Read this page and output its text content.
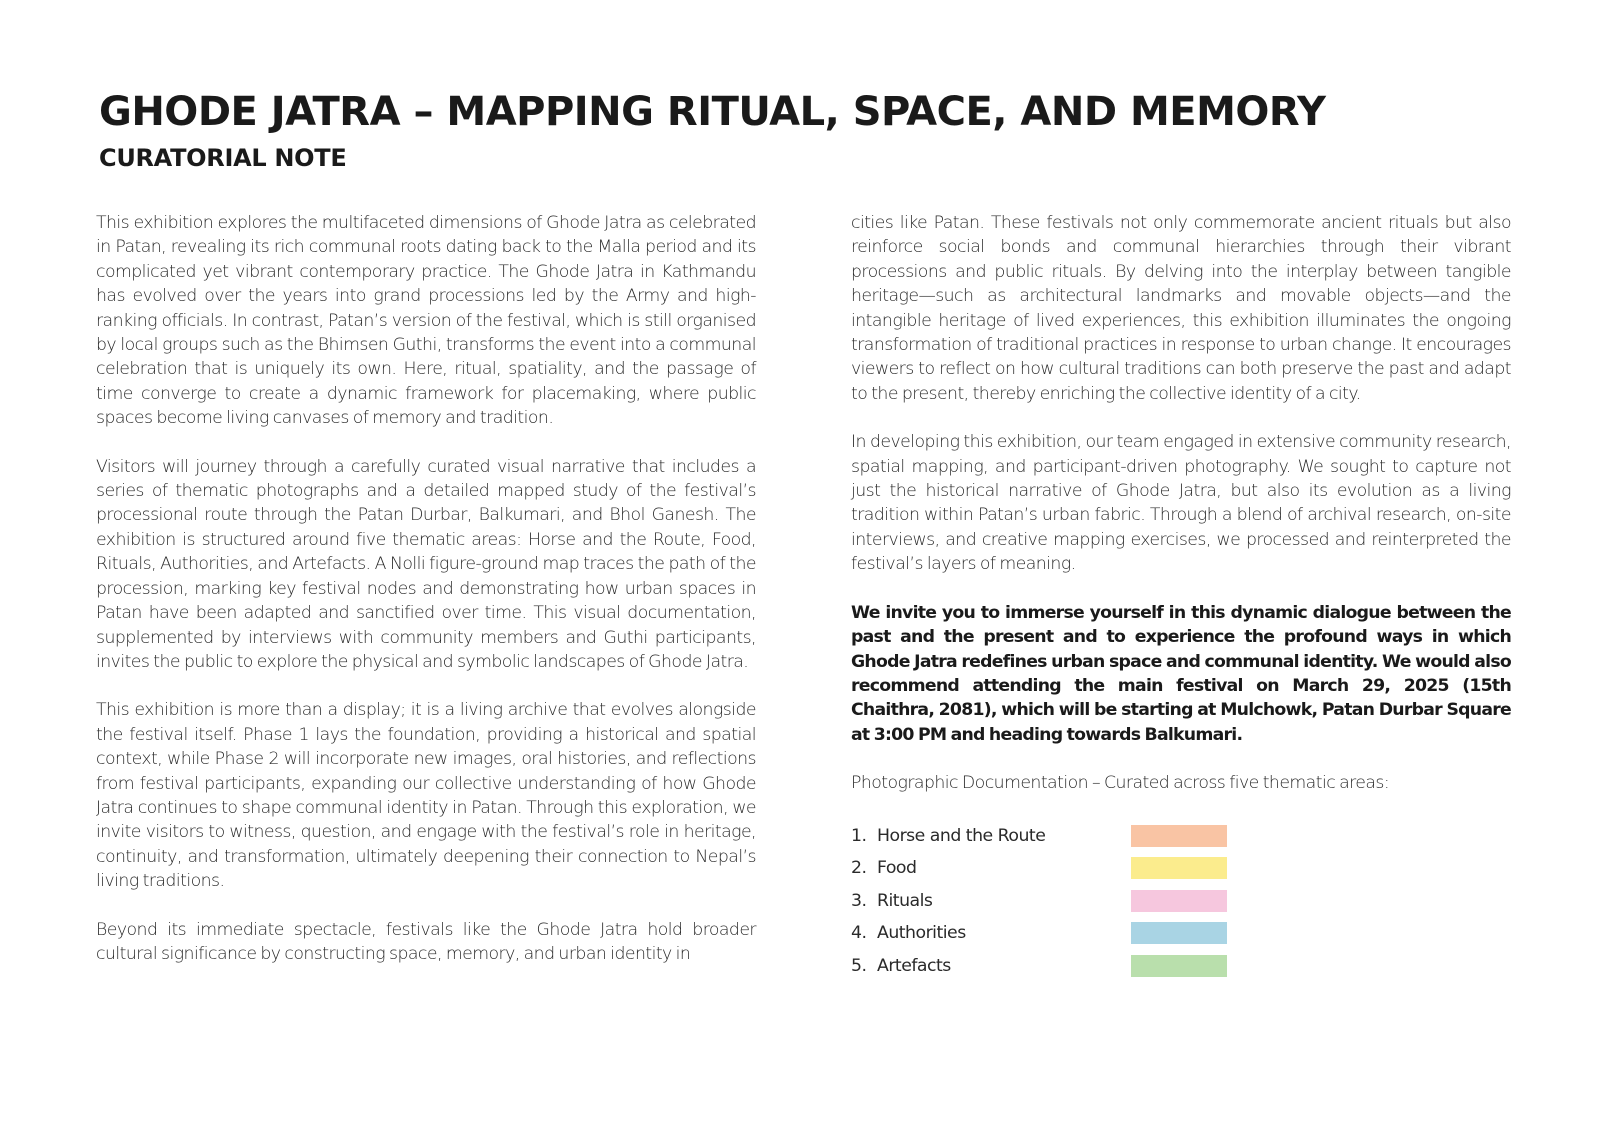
GHODE JATRA – MAPPING RITUAL, SPACE, AND MEMORY
CURATORIAL NOTE

This exhibition explores the multifaceted dimensions of Ghode Jatra as celebrated in Patan, revealing its rich communal roots dating back to the Malla period and its complicated yet vibrant contemporary practice. The Ghode Jatra in Kathmandu has evolved over the years into grand processions led by the Army and high-ranking officials. In contrast, Patan’s version of the festival, which is still organised by local groups such as the Bhimsen Guthi, transforms the event into a communal celebration that is uniquely its own. Here, ritual, spatiality, and the passage of time converge to create a dynamic framework for placemaking, where public spaces become living canvases of memory and tradition.

Visitors will journey through a carefully curated visual narrative that includes a series of thematic photographs and a detailed mapped study of the festival’s processional route through the Patan Durbar, Balkumari, and Bhol Ganesh. The exhibition is structured around five thematic areas: Horse and the Route, Food, Rituals, Authorities, and Artefacts. A Nolli figure-ground map traces the path of the procession, marking key festival nodes and demonstrating how urban spaces in Patan have been adapted and sanctified over time. This visual documentation, supplemented by interviews with community members and Guthi participants, invites the public to explore the physical and symbolic landscapes of Ghode Jatra.

This exhibition is more than a display; it is a living archive that evolves alongside the festival itself. Phase 1 lays the foundation, providing a historical and spatial context, while Phase 2 will incorporate new images, oral histories, and reflections from festival participants, expanding our collective understanding of how Ghode Jatra continues to shape communal identity in Patan. Through this exploration, we invite visitors to witness, question, and engage with the festival’s role in heritage, continuity, and transformation, ultimately deepening their connection to Nepal’s living traditions.

Beyond its immediate spectacle, festivals like the Ghode Jatra hold broader cultural significance by constructing space, memory, and urban identity in

cities like Patan. These festivals not only commemorate ancient rituals but also reinforce social bonds and communal hierarchies through their vibrant processions and public rituals. By delving into the interplay between tangible heritage—such as architectural landmarks and movable objects—and the intangible heritage of lived experiences, this exhibition illuminates the ongoing transformation of traditional practices in response to urban change. It encourages viewers to reflect on how cultural traditions can both preserve the past and adapt to the present, thereby enriching the collective identity of a city.

In developing this exhibition, our team engaged in extensive community research, spatial mapping, and participant-driven photography. We sought to capture not just the historical narrative of Ghode Jatra, but also its evolution as a living tradition within Patan’s urban fabric. Through a blend of archival research, on-site interviews, and creative mapping exercises, we processed and reinterpreted the festival’s layers of meaning.

We invite you to immerse yourself in this dynamic dialogue between the past and the present and to experience the profound ways in which Ghode Jatra redefines urban space and communal identity. We would also recommend attending the main festival on March 29, 2025 (15th Chaithra, 2081), which will be starting at Mulchowk, Patan Durbar Square at 3:00 PM and heading towards Balkumari.

Photographic Documentation – Curated across five thematic areas:

1. Horse and the Route
2. Food
3. Rituals
4. Authorities
5. Artefacts
